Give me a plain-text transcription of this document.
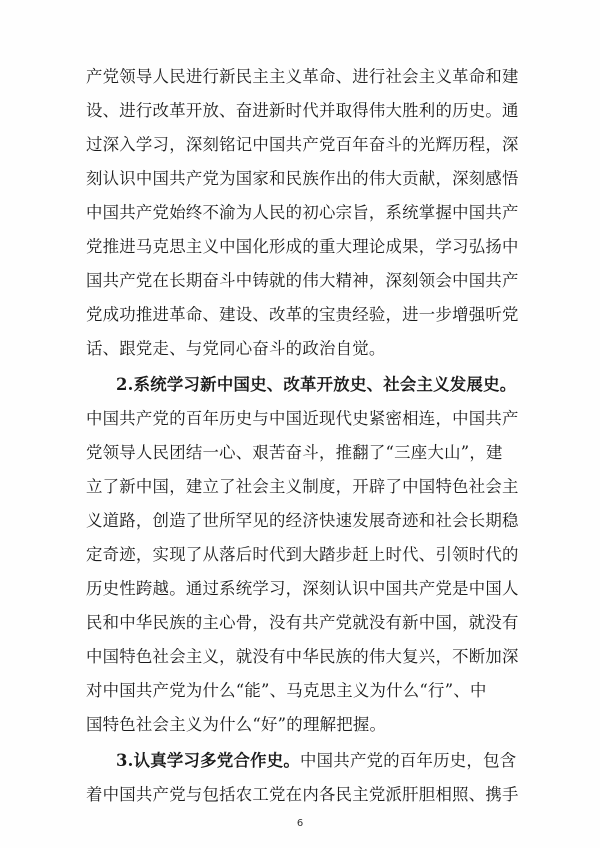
产党领导人民进行新民主主义革命、进行社会主义革命和建
设、进行改革开放、奋进新时代并取得伟大胜利的历史。通
过深入学习，深刻铭记中国共产党百年奋斗的光辉历程，深
刻认识中国共产党为国家和民族作出的伟大贡献，深刻感悟
中国共产党始终不渝为人民的初心宗旨，系统掌握中国共产
党推进马克思主义中国化形成的重大理论成果，学习弘扬中
国共产党在长期奋斗中铸就的伟大精神，深刻领会中国共产
党成功推进革命、建设、改革的宝贵经验，进一步增强听党
话、跟党走、与党同心奋斗的政治自觉。
2.系统学习新中国史、改革开放史、社会主义发展史。
中国共产党的百年历史与中国近现代史紧密相连，中国共产
党领导人民团结一心、艰苦奋斗，推翻了“三座大山”，建
立了新中国，建立了社会主义制度，开辟了中国特色社会主
义道路，创造了世所罕见的经济快速发展奇迹和社会长期稳
定奇迹，实现了从落后时代到大踏步赶上时代、引领时代的
历史性跨越。通过系统学习，深刻认识中国共产党是中国人
民和中华民族的主心骨，没有共产党就没有新中国，就没有
中国特色社会主义，就没有中华民族的伟大复兴，不断加深
对中国共产党为什么“能”、马克思主义为什么“行”、中
国特色社会主义为什么“好”的理解把握。
3.认真学习多党合作史。中国共产党的百年历史，包含
着中国共产党与包括农工党在内各民主党派肝胆相照、携手
6
